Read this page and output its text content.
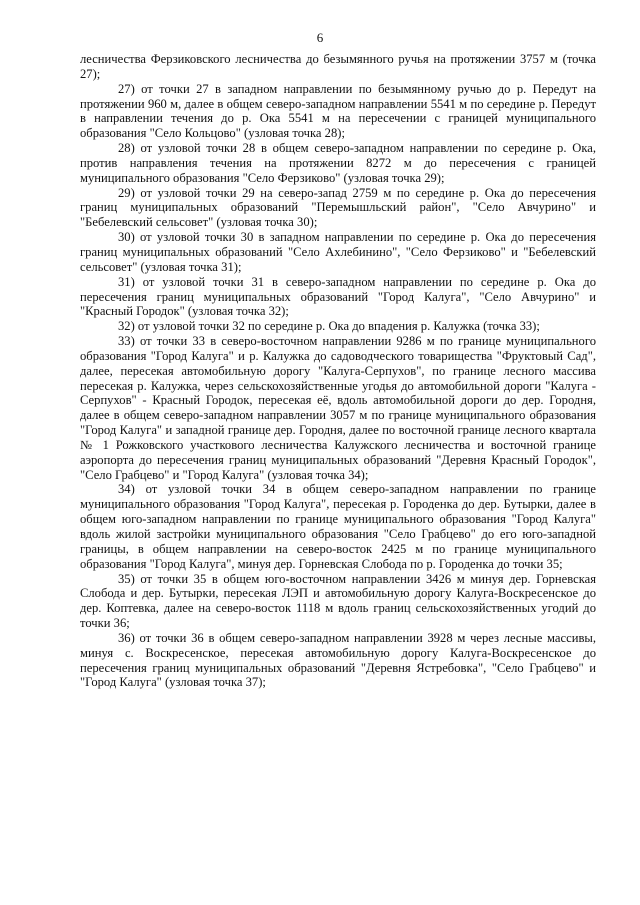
6

лесничества Ферзиковского лесничества до безымянного ручья на протяжении 3757 м (точка 27);

27) от точки 27 в западном направлении по безымянному ручью до р. Передут на протяжении 960 м, далее в общем северо-западном направлении 5541 м по середине р. Передут в направлении течения до р. Ока 5541 м на пересечении с границей муниципального образования "Село Кольцово" (узловая точка 28);

28) от узловой точки 28 в общем северо-западном направлении по середине р. Ока, против направления течения на протяжении 8272 м до пересечения с границей муниципального образования "Село Ферзиково" (узловая точка 29);

29) от узловой точки 29 на северо-запад 2759 м по середине р. Ока до пересечения границ муниципальных образований "Перемышльский район", "Село Авчурино" и "Бебелевский сельсовет" (узловая точка 30);

30) от узловой точки 30 в западном направлении по середине р. Ока до пересечения границ муниципальных образований "Село Ахлебинино", "Село Ферзиково" и "Бебелевский сельсовет" (узловая точка 31);

31) от узловой точки 31 в северо-западном направлении по середине р. Ока до пересечения границ муниципальных образований "Город Калуга", "Село Авчурино" и "Красный Городок" (узловая точка 32);

32) от узловой точки 32 по середине р. Ока до впадения р. Калужка (точка 33);

33) от точки 33 в северо-восточном направлении 9286 м по границе муниципального образования "Город Калуга" и р. Калужка до садоводческого товарищества "Фруктовый Сад", далее, пересекая автомобильную дорогу "Калуга-Серпухов", по границе лесного массива пересекая р. Калужка, через сельскохозяйственные угодья до автомобильной дороги "Калуга - Серпухов" - Красный Городок, пересекая её, вдоль автомобильной дороги до дер. Городня, далее в общем северо-западном направлении 3057 м по границе муниципального образования "Город Калуга" и западной границе дер. Городня, далее по восточной границе лесного квартала № 1 Рожковского участкового лесничества Калужского лесничества и восточной границе аэропорта до пересечения границ муниципальных образований "Деревня Красный Городок", "Село Грабцево" и "Город Калуга" (узловая точка 34);

34) от узловой точки 34 в общем северо-западном направлении по границе муниципального образования "Город Калуга", пересекая р. Городенка до дер. Бутырки, далее в общем юго-западном направлении по границе муниципального образования "Город Калуга" вдоль жилой застройки муниципального образования "Село Грабцево" до его юго-западной границы, в общем направлении на северо-восток 2425 м по границе муниципального образования "Город Калуга", минуя дер. Горневская Слобода по р. Городенка до точки 35;

35) от точки 35 в общем юго-восточном направлении 3426 м минуя дер. Горневская Слобода и дер. Бутырки, пересекая ЛЭП и автомобильную дорогу Калуга-Воскресенское до дер. Коптевка, далее на северо-восток 1118 м вдоль границ сельскохозяйственных угодий до точки 36;

36) от точки 36 в общем северо-западном направлении 3928 м через лесные массивы, минуя с. Воскресенское, пересекая автомобильную дорогу Калуга-Воскресенское до пересечения границ муниципальных образований "Деревня Ястребовка", "Село Грабцево" и "Город Калуга" (узловая точка 37);
